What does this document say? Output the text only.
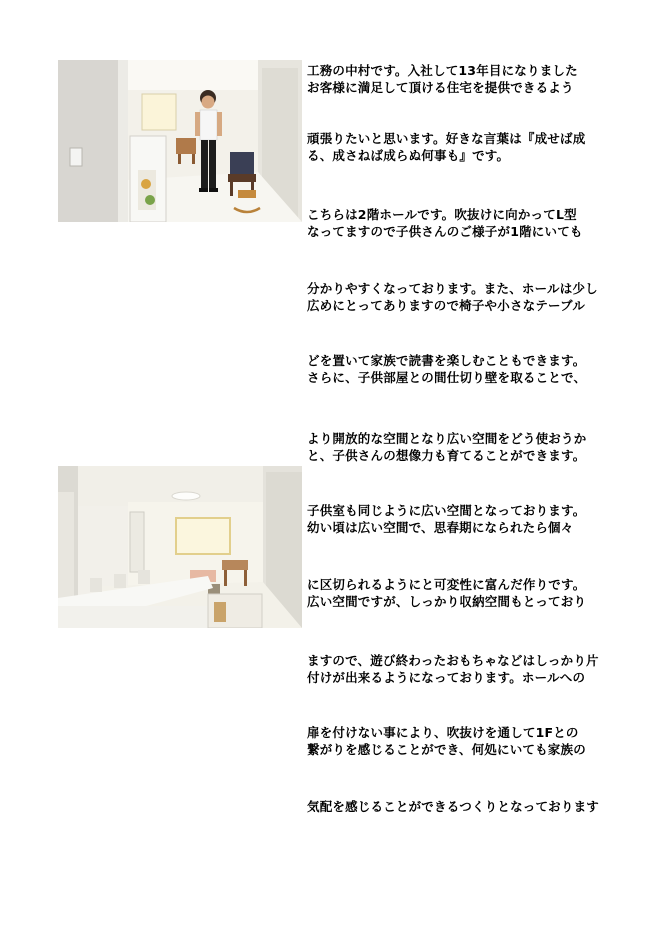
工務の中村です。入社して13年目になりました
お客様に満足して頂ける住宅を提供できるよう
頑張りたいと思います。好きな言葉は『成せば成
る、成さねば成らぬ何事も』です。
こちらは2階ホールです。吹抜けに向かってL型
なってますので子供さんのご様子が1階にいても
分かりやすくなっております。また、ホールは少し
広めにとってありますので椅子や小さなテーブル
どを置いて家族で読書を楽しむこともできます。
さらに、子供部屋との間仕切り壁を取ることで、
より開放的な空間となり広い空間をどう使おうか
と、子供さんの想像力も育てることができます。
子供室も同じように広い空間となっております。
幼い頃は広い空間で、思春期になられたら個々
に区切られるようにと可変性に富んだ作りです。
広い空間ですが、しっかり収納空間もとっており
ますので、遊び終わったおもちゃなどはしっかり片
付けが出来るようになっております。ホールへの
扉を付けない事により、吹抜けを通して1Fとの
繋がりを感じることができ、何処にいても家族の
気配を感じることができるつくりとなっております
